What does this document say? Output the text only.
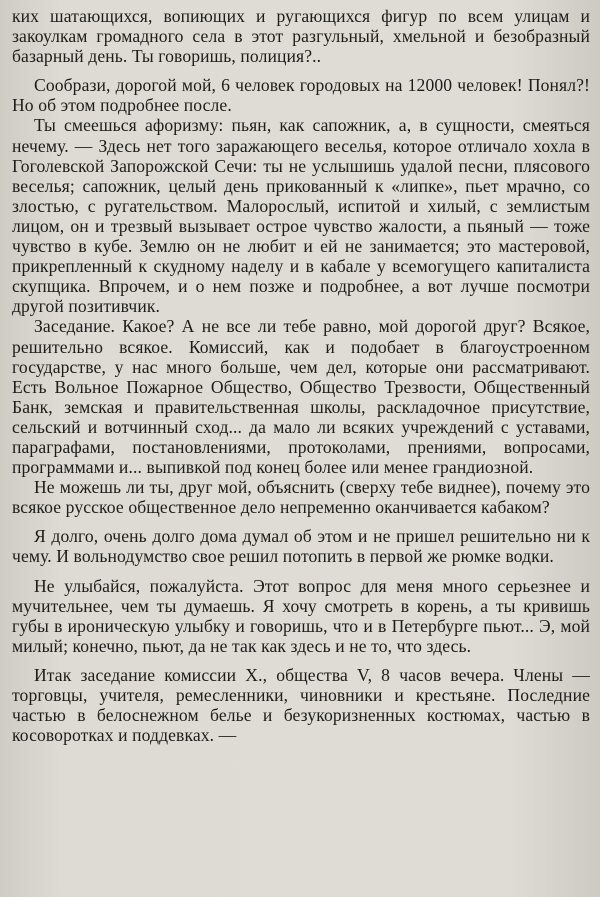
ких шатающихся, вопиющих и ругающихся фигур по всем улицам и закоулкам громадного села в этот разгульный, хмельной и безобразный базарный день. Ты говоришь, полиция?..

Сообрази, дорогой мой, 6 человек городовых на 12000 человек! Понял?! Но об этом подробнее после.

Ты смеешься афоризму: пьян, как сапожник, а, в сущности, смеяться нечему. — Здесь нет того заражающего веселья, которое отличало хохла в Гоголевской Запорожской Сечи: ты не услышишь удалой песни, плясового веселья; сапожник, целый день прикованный к «липке», пьет мрачно, со злостью, с ругательством. Малорослый, испитой и хилый, с землистым лицом, он и трезвый вызывает острое чувство жалости, а пьяный — тоже чувство в кубе. Землю он не любит и ей не занимается; это мастеровой, прикрепленный к скудному наделу и в кабале у всемогущего капиталиста скупщика. Впрочем, и о нем позже и подробнее, а вот лучше посмотри другой позитивчик.

Заседание. Какое? А не все ли тебе равно, мой дорогой друг? Всякое, решительно всякое. Комиссий, как и подобает в благоустроенном государстве, у нас много больше, чем дел, которые они рассматривают. Есть Вольное Пожарное Общество, Общество Трезвости, Общественный Банк, земская и правительственная школы, раскладочное присутствие, сельский и вотчинный сход... да мало ли всяких учреждений с уставами, параграфами, постановлениями, протоколами, прениями, вопросами, программами и... выпивкой под конец более или менее грандиозной.

Не можешь ли ты, друг мой, объяснить (сверху тебе виднее), почему это всякое русское общественное дело непременно оканчивается кабаком?

Я долго, очень долго дома думал об этом и не пришел решительно ни к чему. И вольнодумство свое решил потопить в первой же рюмке водки.

Не улыбайся, пожалуйста. Этот вопрос для меня много серьезнее и мучительнее, чем ты думаешь. Я хочу смотреть в корень, а ты кривишь губы в ироническую улыбку и говоришь, что и в Петербурге пьют... Э, мой милый; конечно, пьют, да не так как здесь и не то, что здесь.

Итак заседание комиссии X., общества V, 8 часов вечера. Члены — торговцы, учителя, ремесленники, чиновники и крестьяне. Последние частью в белоснежном белье и безукоризненных костюмах, частью в косоворотках и поддевках. —
